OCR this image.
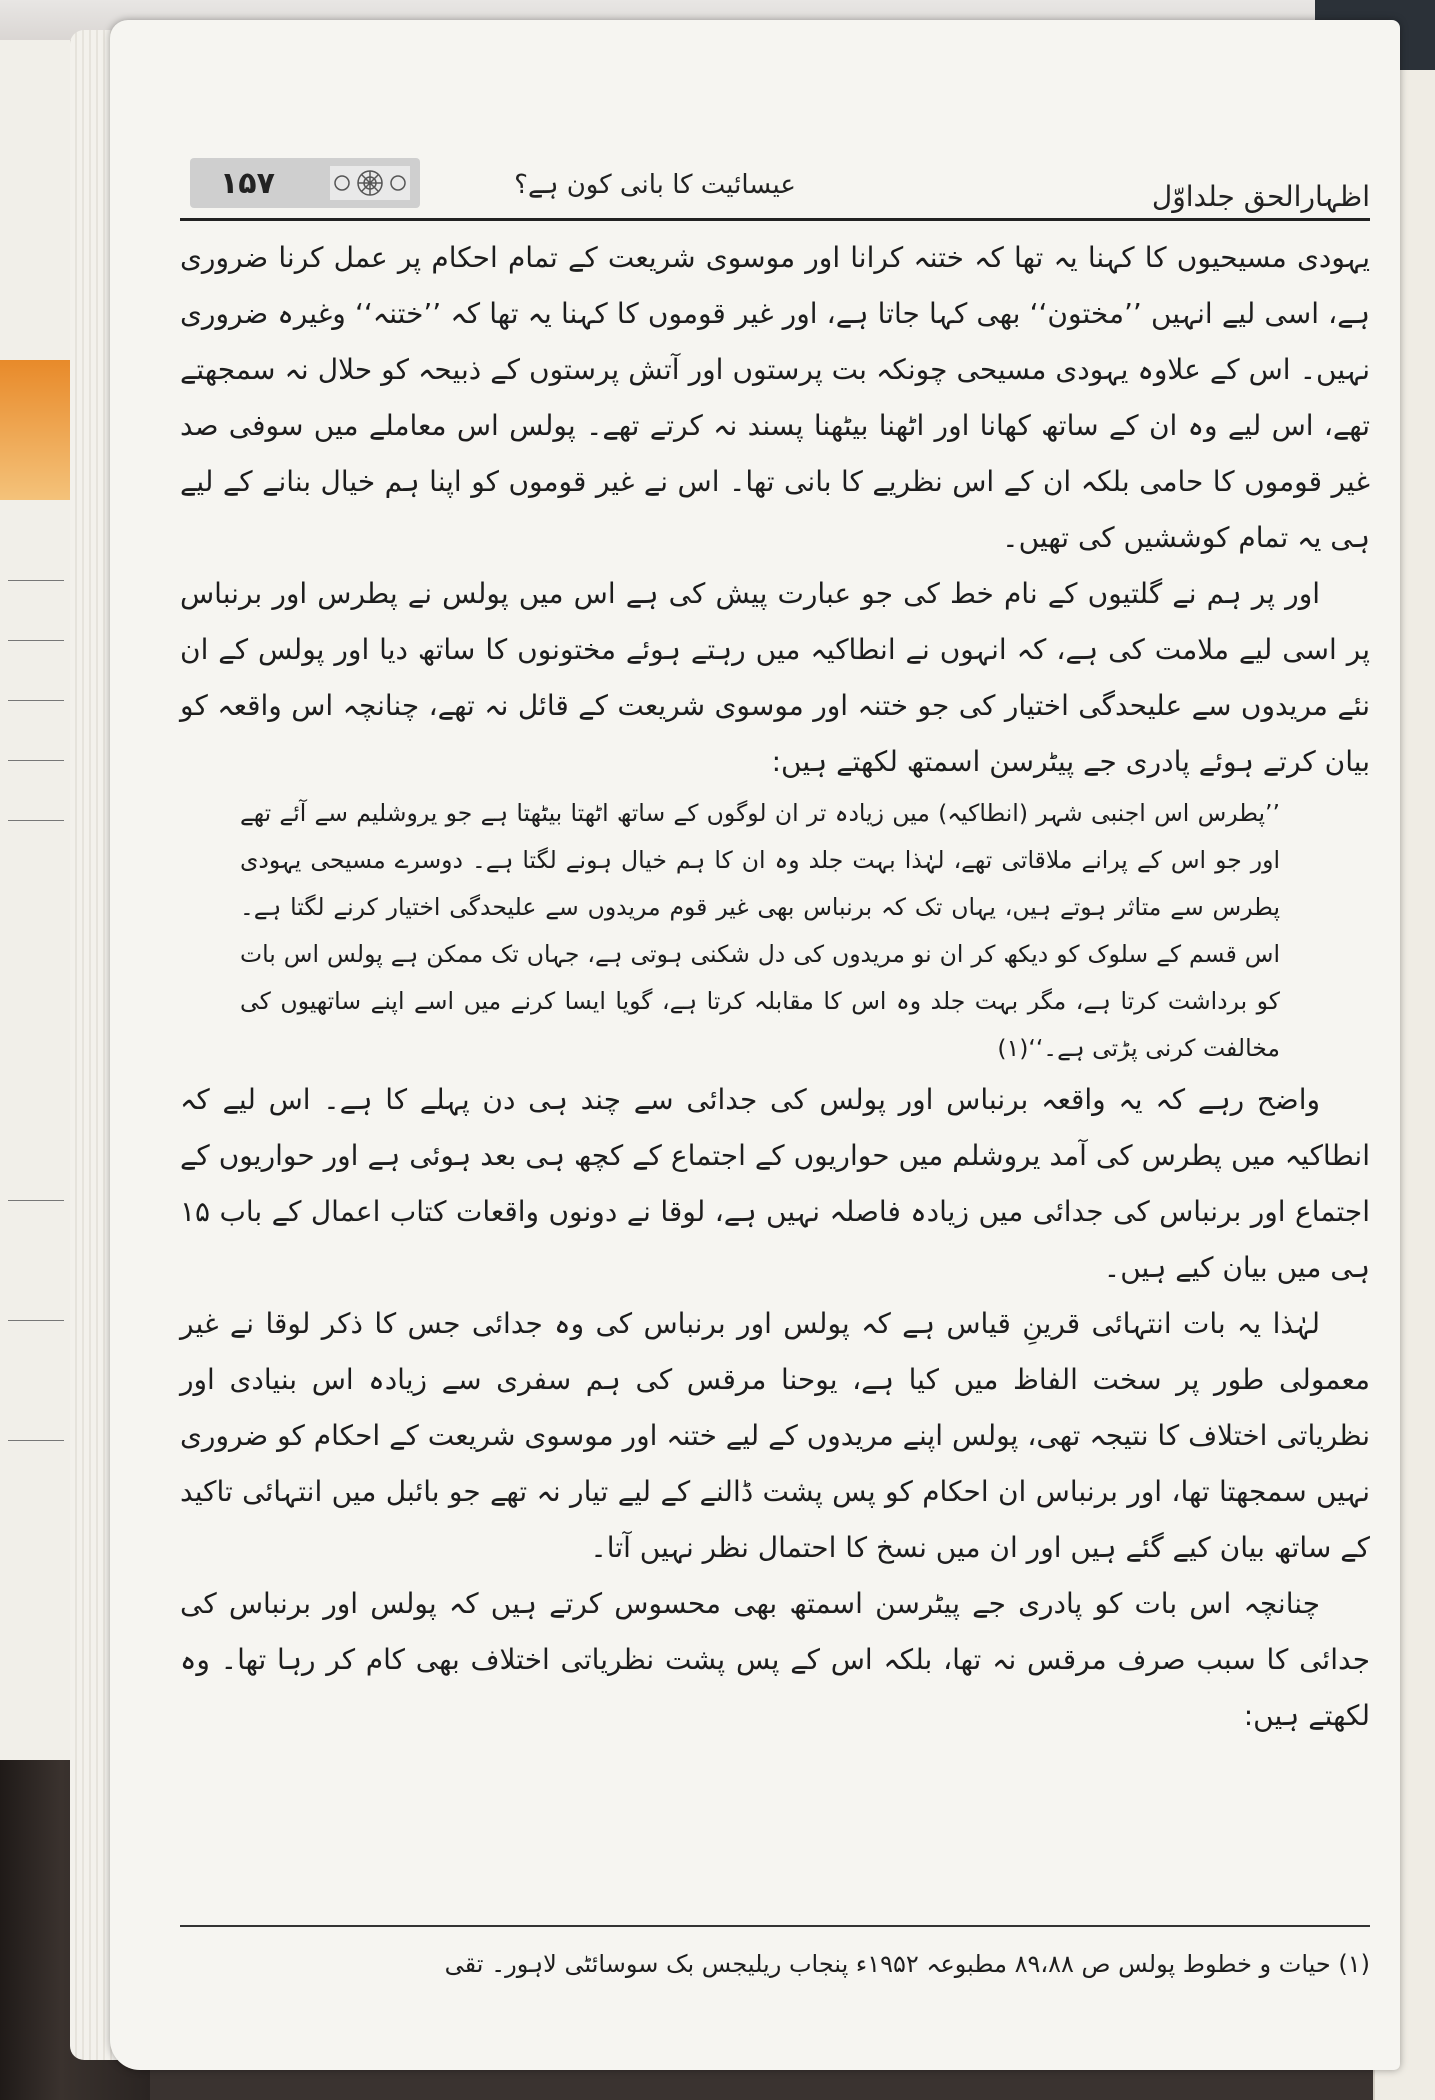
۱۵۷	عیسائیت کا بانی کون ہے؟	اظہارالحق جلداوّل

یہودی مسیحیوں کا کہنا یہ تھا کہ ختنہ کرانا اور موسوی شریعت کے تمام احکام پر عمل کرنا ضروری ہے، اسی لیے انہیں ’’مختون‘‘ بھی کہا جاتا ہے، اور غیر قوموں کا کہنا یہ تھا کہ ’’ختنہ‘‘ وغیرہ ضروری نہیں۔ اس کے علاوہ یہودی مسیحی چونکہ بت پرستوں اور آتش پرستوں کے ذبیحہ کو حلال نہ سمجھتے تھے، اس لیے وہ ان کے ساتھ کھانا اور اٹھنا بیٹھنا پسند نہ کرتے تھے۔ پولس اس معاملے میں سوفی صد غیر قوموں کا حامی بلکہ ان کے اس نظریے کا بانی تھا۔ اس نے غیر قوموں کو اپنا ہم خیال بنانے کے لیے ہی یہ تمام کوششیں کی تھیں۔

اور پر ہم نے گلتیوں کے نام خط کی جو عبارت پیش کی ہے اس میں پولس نے پطرس اور برنباس پر اسی لیے ملامت کی ہے، کہ انہوں نے انطاکیہ میں رہتے ہوئے مختونوں کا ساتھ دیا اور پولس کے ان نئے مریدوں سے علیحدگی اختیار کی جو ختنہ اور موسوی شریعت کے قائل نہ تھے، چنانچہ اس واقعہ کو بیان کرتے ہوئے پادری جے پیٹرسن اسمتھ لکھتے ہیں:

’’پطرس اس اجنبی شہر (انطاکیہ) میں زیادہ تر ان لوگوں کے ساتھ اٹھتا بیٹھتا ہے جو یروشلیم سے آئے تھے اور جو اس کے پرانے ملاقاتی تھے، لہٰذا بہت جلد وہ ان کا ہم خیال ہونے لگتا ہے۔ دوسرے مسیحی یہودی پطرس سے متاثر ہوتے ہیں، یہاں تک کہ برنباس بھی غیر قوم مریدوں سے علیحدگی اختیار کرنے لگتا ہے۔ اس قسم کے سلوک کو دیکھ کر ان نو مریدوں کی دل شکنی ہوتی ہے، جہاں تک ممکن ہے پولس اس بات کو برداشت کرتا ہے، مگر بہت جلد وہ اس کا مقابلہ کرتا ہے، گویا ایسا کرنے میں اسے اپنے ساتھیوں کی مخالفت کرنی پڑتی ہے۔‘‘(۱)

واضح رہے کہ یہ واقعہ برنباس اور پولس کی جدائی سے چند ہی دن پہلے کا ہے۔ اس لیے کہ انطاکیہ میں پطرس کی آمد یروشلم میں حواریوں کے اجتماع کے کچھ ہی بعد ہوئی ہے اور حواریوں کے اجتماع اور برنباس کی جدائی میں زیادہ فاصلہ نہیں ہے، لوقا نے دونوں واقعات کتاب اعمال کے باب ۱۵ ہی میں بیان کیے ہیں۔

لہٰذا یہ بات انتہائی قرینِ قیاس ہے کہ پولس اور برنباس کی وہ جدائی جس کا ذکر لوقا نے غیر معمولی طور پر سخت الفاظ میں کیا ہے، یوحنا مرقس کی ہم سفری سے زیادہ اس بنیادی اور نظریاتی اختلاف کا نتیجہ تھی، پولس اپنے مریدوں کے لیے ختنہ اور موسوی شریعت کے احکام کو ضروری نہیں سمجھتا تھا، اور برنباس ان احکام کو پس پشت ڈالنے کے لیے تیار نہ تھے جو بائبل میں انتہائی تاکید کے ساتھ بیان کیے گئے ہیں اور ان میں نسخ کا احتمال نظر نہیں آتا۔

چنانچہ اس بات کو پادری جے پیٹرسن اسمتھ بھی محسوس کرتے ہیں کہ پولس اور برنباس کی جدائی کا سبب صرف مرقس نہ تھا، بلکہ اس کے پس پشت نظریاتی اختلاف بھی کام کر رہا تھا۔ وہ لکھتے ہیں:

(۱) حیات و خطوط پولس ص ۸۹،۸۸ مطبوعہ ۱۹۵۲ء پنجاب ریلیجس بک سوسائٹی لاہور۔ تقی
